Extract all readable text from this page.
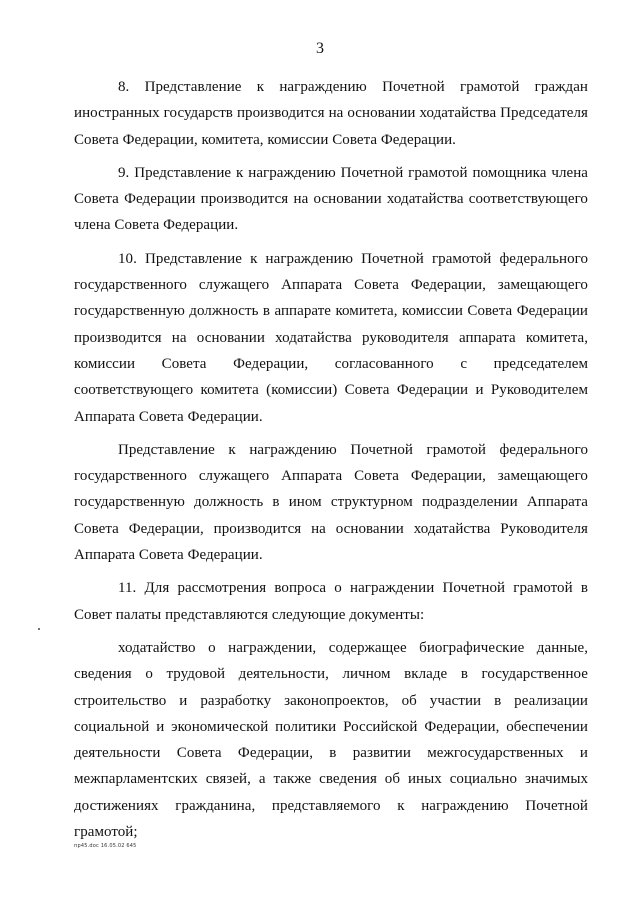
3

8. Представление к награждению Почетной грамотой граждан иностранных государств производится на основании ходатайства Председателя Совета Федерации, комитета, комиссии Совета Федерации.

9. Представление к награждению Почетной грамотой помощника члена Совета Федерации производится на основании ходатайства соответствующего члена Совета Федерации.

10. Представление к награждению Почетной грамотой федерального государственного служащего Аппарата Совета Федерации, замещающего государственную должность в аппарате комитета, комиссии Совета Федерации производится на основании ходатайства руководителя аппарата комитета, комиссии Совета Федерации, согласованного с председателем соответствующего комитета (комиссии) Совета Федерации и Руководителем Аппарата Совета Федерации.

Представление к награждению Почетной грамотой федерального государственного служащего Аппарата Совета Федерации, замещающего государственную должность в ином структурном подразделении Аппарата Совета Федерации, производится на основании ходатайства Руководителя Аппарата Совета Федерации.

11. Для рассмотрения вопроса о награждении Почетной грамотой в Совет палаты представляются следующие документы:

ходатайство о награждении, содержащее биографические данные, сведения о трудовой деятельности, личном вкладе в государственное строительство и разработку законопроектов, об участии в реализации социальной и экономической политики Российской Федерации, обеспечении деятельности Совета Федерации, в развитии межгосударственных и межпарламентских связей, а также сведения об иных социально значимых достижениях гражданина, представляемого к награждению Почетной грамотой;

пр45.doc 16.05.02 645
